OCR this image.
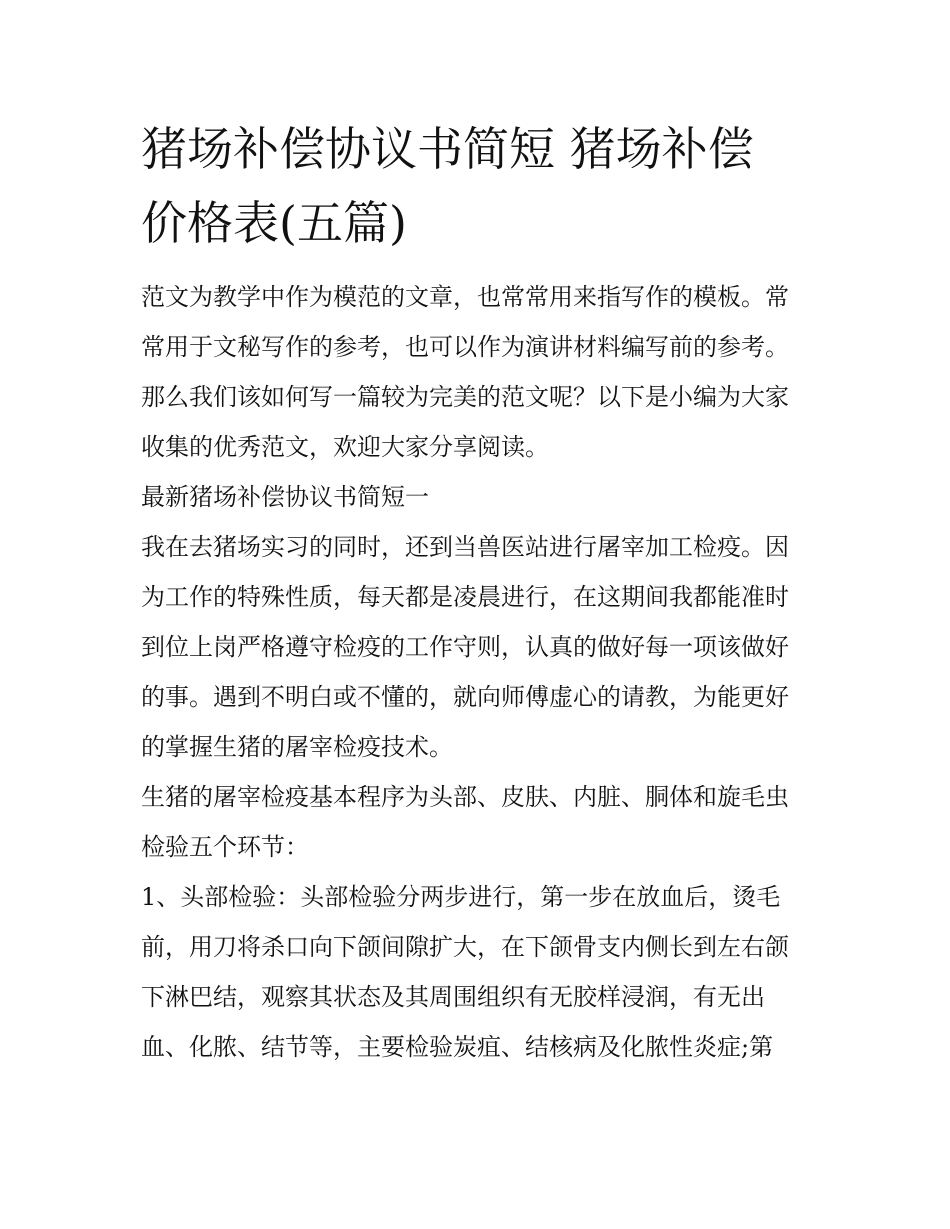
猪场补偿协议书简短 猪场补偿
价格表(五篇)
范文为教学中作为模范的文章，也常常用来指写作的模板。常
常用于文秘写作的参考，也可以作为演讲材料编写前的参考。
那么我们该如何写一篇较为完美的范文呢？以下是小编为大家
收集的优秀范文，欢迎大家分享阅读。
最新猪场补偿协议书简短一
我在去猪场实习的同时，还到当兽医站进行屠宰加工检疫。因
为工作的特殊性质，每天都是凌晨进行，在这期间我都能准时
到位上岗严格遵守检疫的工作守则，认真的做好每一项该做好
的事。遇到不明白或不懂的，就向师傅虚心的请教，为能更好
的掌握生猪的屠宰检疫技术。
生猪的屠宰检疫基本程序为头部、皮肤、内脏、胴体和旋毛虫
检验五个环节：
1、头部检验：头部检验分两步进行，第一步在放血后，烫毛
前，用刀将杀口向下颌间隙扩大，在下颌骨支内侧长到左右颌
下淋巴结，观察其状态及其周围组织有无胶样浸润，有无出
血、化脓、结节等，主要检验炭疽、结核病及化脓性炎症;第
